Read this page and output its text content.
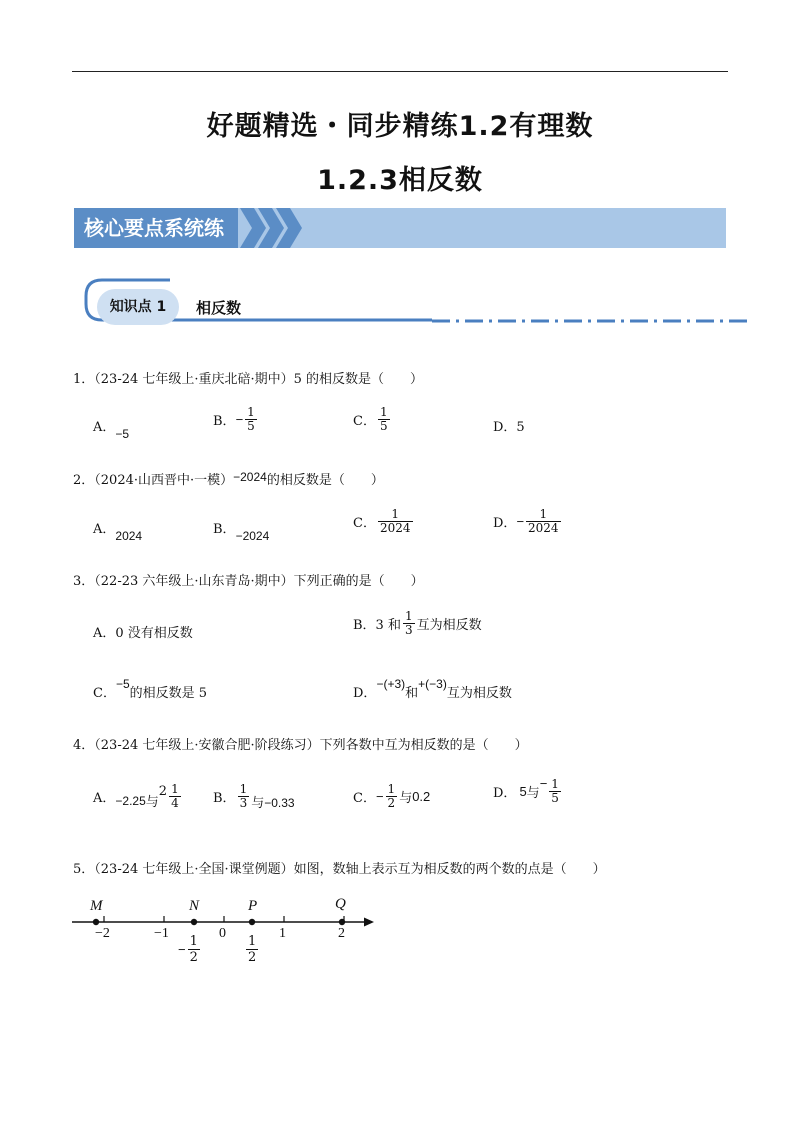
好题精选・同步精练1.2有理数
1.2.3相反数
核心要点系统练
知识点 1	相反数
1．（23-24 七年级上·重庆北碚·期中）5 的相反数是（　　）
A． −5
B． − $\frac{1}{5}$	C． $\frac{1}{5}$	D．5
2．（2024·山西晋中·一模）−2024的相反数是（　　）
A． 2024	B． −2024
C． $\frac{1}{2024}$	D． − $\frac{1}{2024}$
3．（22-23 六年级上·山东青岛·期中）下列正确的是（　　）
A．0 没有相反数
B．3 和 $\frac{1}{3}$ 互为相反数
C．
−5
的相反数是 5	D．
−(+3)
和
+(−3)
互为相反数
4．（23-24 七年级上·安徽合肥·阶段练习）下列各数中互为相反数的是（　　）
A． −2.25 与
$2 \frac{1}{4}$ B． $\frac{1}{3}$ 与 −0.33	C． − $\frac{1}{2}$ 与 0.2	D． 5 与
− $\frac{1}{5}$
5．（23-24 七年级上·全国·课堂例题）如图，数轴上表示互为相反数的两个数的点是（　　）
M	N	P	Q
−2	−1	0	1	2
− $\frac{1}{2}$	$\frac{1}{2}$
